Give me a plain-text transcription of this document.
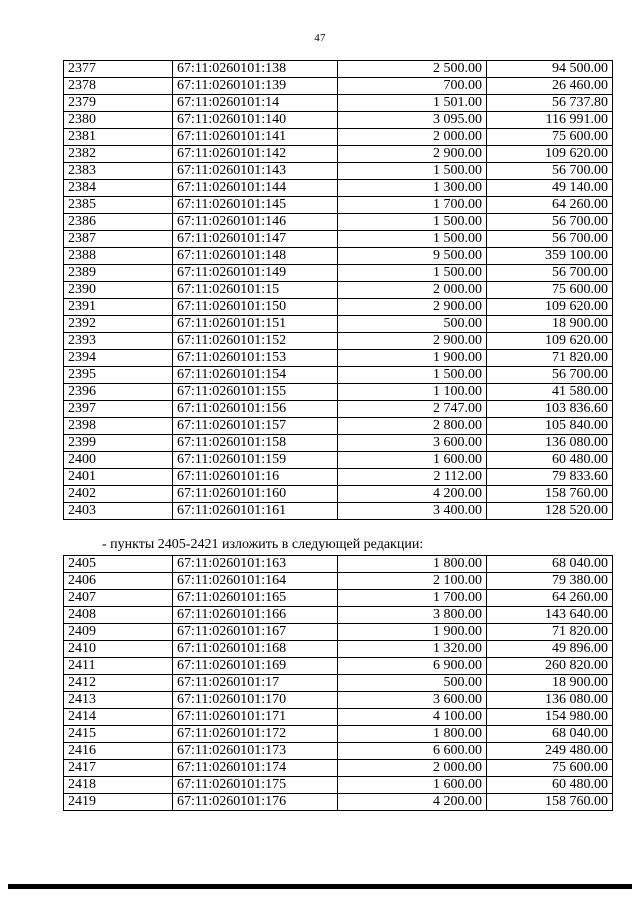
47
2377	67:11:0260101:138	2 500.00	94 500.00
2378	67:11:0260101:139	700.00	26 460.00
2379	67:11:0260101:14	1 501.00	56 737.80
2380	67:11:0260101:140	3 095.00	116 991.00
2381	67:11:0260101:141	2 000.00	75 600.00
2382	67:11:0260101:142	2 900.00	109 620.00
2383	67:11:0260101:143	1 500.00	56 700.00
2384	67:11:0260101:144	1 300.00	49 140.00
2385	67:11:0260101:145	1 700.00	64 260.00
2386	67:11:0260101:146	1 500.00	56 700.00
2387	67:11:0260101:147	1 500.00	56 700.00
2388	67:11:0260101:148	9 500.00	359 100.00
2389	67:11:0260101:149	1 500.00	56 700.00
2390	67:11:0260101:15	2 000.00	75 600.00
2391	67:11:0260101:150	2 900.00	109 620.00
2392	67:11:0260101:151	500.00	18 900.00
2393	67:11:0260101:152	2 900.00	109 620.00
2394	67:11:0260101:153	1 900.00	71 820.00
2395	67:11:0260101:154	1 500.00	56 700.00
2396	67:11:0260101:155	1 100.00	41 580.00
2397	67:11:0260101:156	2 747.00	103 836.60
2398	67:11:0260101:157	2 800.00	105 840.00
2399	67:11:0260101:158	3 600.00	136 080.00
2400	67:11:0260101:159	1 600.00	60 480.00
2401	67:11:0260101:16	2 112.00	79 833.60
2402	67:11:0260101:160	4 200.00	158 760.00
2403	67:11:0260101:161	3 400.00	128 520.00
- пункты 2405-2421 изложить в следующей редакции:
2405	67:11:0260101:163	1 800.00	68 040.00
2406	67:11:0260101:164	2 100.00	79 380.00
2407	67:11:0260101:165	1 700.00	64 260.00
2408	67:11:0260101:166	3 800.00	143 640.00
2409	67:11:0260101:167	1 900.00	71 820.00
2410	67:11:0260101:168	1 320.00	49 896.00
2411	67:11:0260101:169	6 900.00	260 820.00
2412	67:11:0260101:17	500.00	18 900.00
2413	67:11:0260101:170	3 600.00	136 080.00
2414	67:11:0260101:171	4 100.00	154 980.00
2415	67:11:0260101:172	1 800.00	68 040.00
2416	67:11:0260101:173	6 600.00	249 480.00
2417	67:11:0260101:174	2 000.00	75 600.00
2418	67:11:0260101:175	1 600.00	60 480.00
2419	67:11:0260101:176	4 200.00	158 760.00
